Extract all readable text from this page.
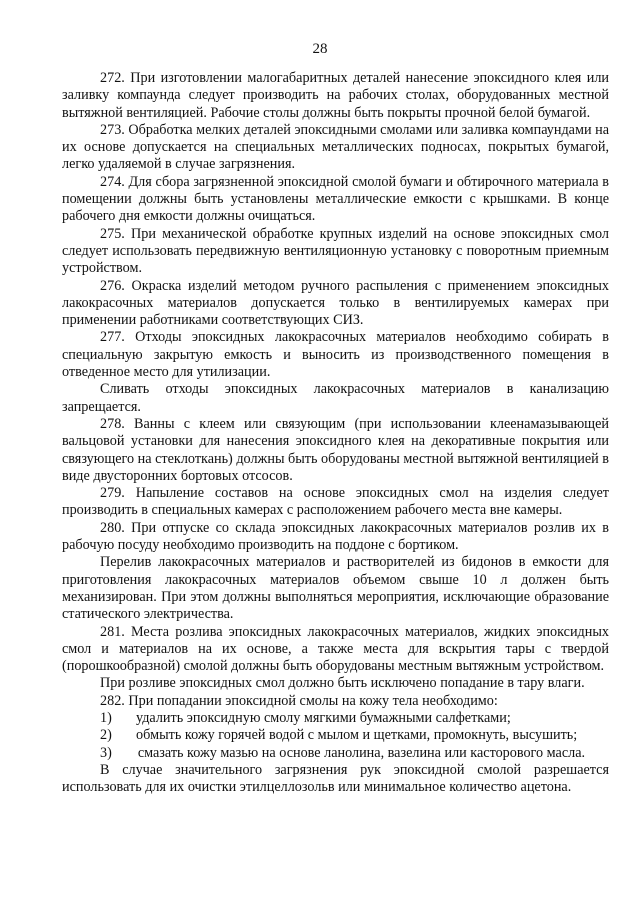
28

272. При изготовлении малогабаритных деталей нанесение эпоксидного клея или заливку компаунда следует производить на рабочих столах, оборудованных местной вытяжной вентиляцией. Рабочие столы должны быть покрыты прочной белой бумагой.

273. Обработка мелких деталей эпоксидными смолами или заливка компаундами на их основе допускается на специальных металлических подносах, покрытых бумагой, легко удаляемой в случае загрязнения.

274. Для сбора загрязненной эпоксидной смолой бумаги и обтирочного материала в помещении должны быть установлены металлические емкости с крышками. В конце рабочего дня емкости должны очищаться.

275. При механической обработке крупных изделий на основе эпоксидных смол следует использовать передвижную вентиляционную установку с поворотным приемным устройством.

276. Окраска изделий методом ручного распыления с применением эпоксидных лакокрасочных материалов допускается только в вентилируемых камерах при применении работниками соответствующих СИЗ.

277. Отходы эпоксидных лакокрасочных материалов необходимо собирать в специальную закрытую емкость и выносить из производственного помещения в отведенное место для утилизации.

Сливать отходы эпоксидных лакокрасочных материалов в канализацию запрещается.

278. Ванны с клеем или связующим (при использовании клеенамазывающей вальцовой установки для нанесения эпоксидного клея на декоративные покрытия или связующего на стеклоткань) должны быть оборудованы местной вытяжной вентиляцией в виде двусторонних бортовых отсосов.

279. Напыление составов на основе эпоксидных смол на изделия следует производить в специальных камерах с расположением рабочего места вне камеры.

280. При отпуске со склада эпоксидных лакокрасочных материалов розлив их в рабочую посуду необходимо производить на поддоне с бортиком.

Перелив лакокрасочных материалов и растворителей из бидонов в емкости для приготовления лакокрасочных материалов объемом свыше 10 л должен быть механизирован. При этом должны выполняться мероприятия, исключающие образование статического электричества.

281. Места розлива эпоксидных лакокрасочных материалов, жидких эпоксидных смол и материалов на их основе, а также места для вскрытия тары с твердой (порошкообразной) смолой должны быть оборудованы местным вытяжным устройством.

При розливе эпоксидных смол должно быть исключено попадание в тару влаги.

282. При попадании эпоксидной смолы на кожу тела необходимо:

1)	удалить эпоксидную смолу мягкими бумажными салфетками;
2)	обмыть кожу горячей водой с мылом и щетками, промокнуть, высушить;
3) смазать кожу мазью на основе ланолина, вазелина или касторового масла.

В случае значительного загрязнения рук эпоксидной смолой разрешается использовать для их очистки этилцеллозольв или минимальное количество ацетона.
